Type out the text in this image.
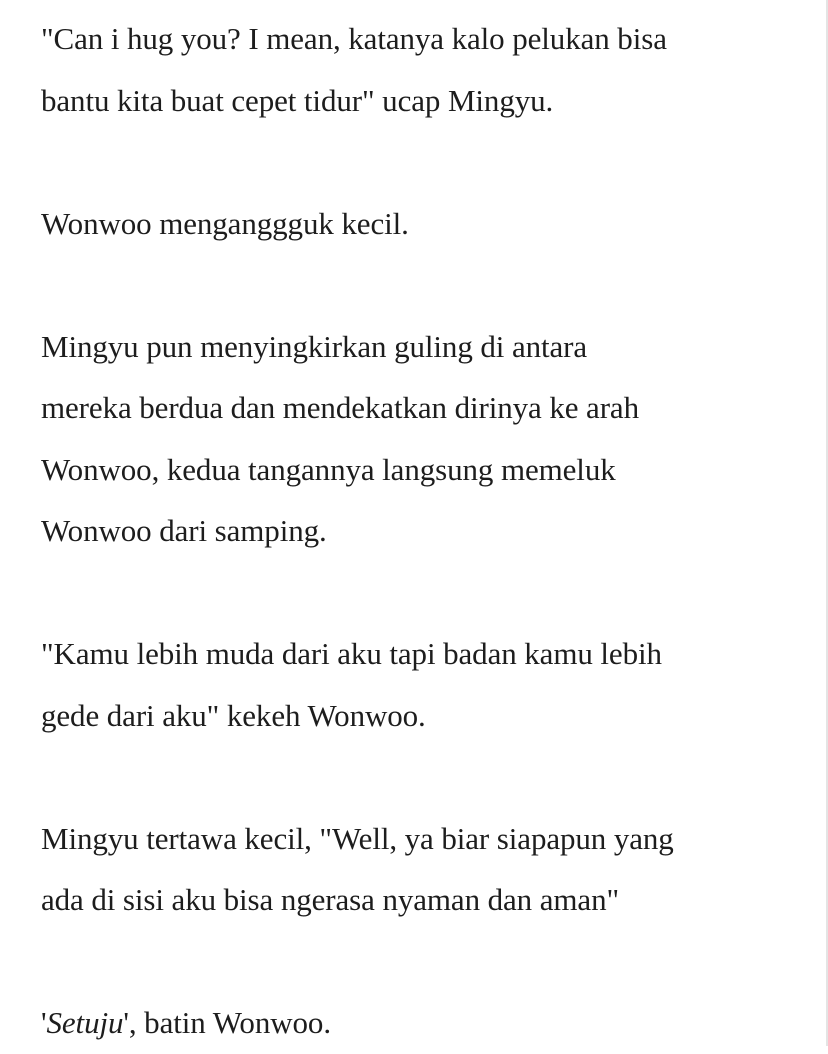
"Can i hug you? I mean, katanya kalo pelukan bisa
bantu kita buat cepet tidur" ucap Mingyu.

Wonwoo menganggguk kecil.

Mingyu pun menyingkirkan guling di antara
mereka berdua dan mendekatkan dirinya ke arah
Wonwoo, kedua tangannya langsung memeluk
Wonwoo dari samping.

"Kamu lebih muda dari aku tapi badan kamu lebih
gede dari aku" kekeh Wonwoo.

Mingyu tertawa kecil, "Well, ya biar siapapun yang
ada di sisi aku bisa ngerasa nyaman dan aman"

'Setuju', batin Wonwoo.
